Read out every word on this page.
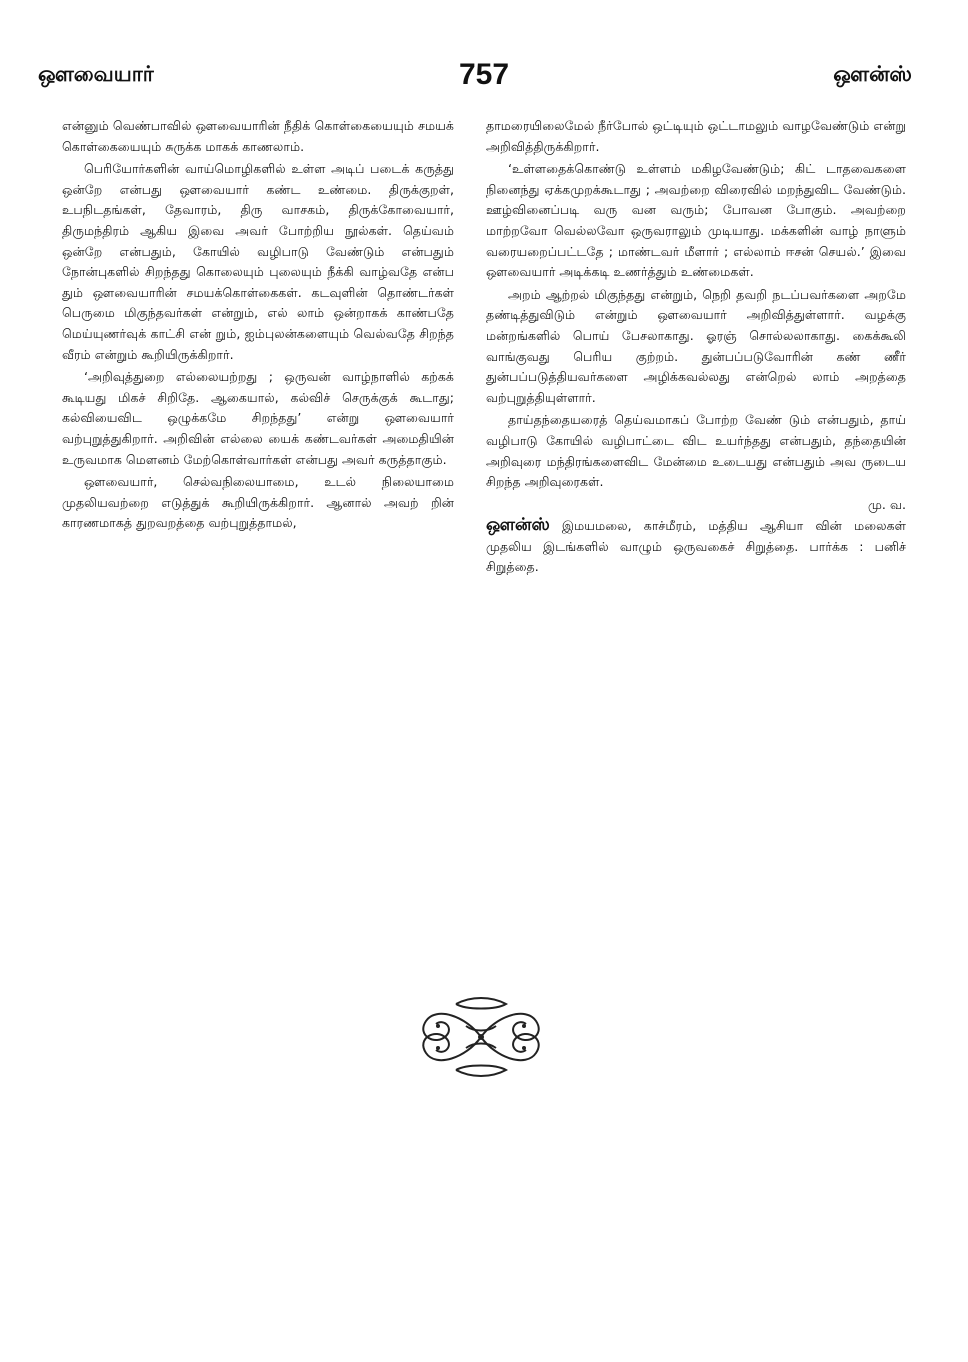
ஔவையார்	757	ஔன்ஸ்

என்னும் வெண்பாவில் ஔவையாரின் நீதிக் கொள்கையையும் சமயக் கொள்கையையும் சுருக்க மாகக் காணலாம்.

பெரியோர்களின் வாய்மொழிகளில் உள்ள அடிப் படைக் கருத்து ஒன்றே என்பது ஔவையார் கண்ட உண்மை. திருக்குறள், உபநிடதங்கள், தேவாரம், திரு வாசகம், திருக்கோவையார், திருமந்திரம் ஆகிய இவை அவர் போற்றிய நூல்கள். தெய்வம் ஒன்றே என்பதும், கோயில் வழிபாடு வேண்டும் என்பதும் நோன்புகளில் சிறந்தது கொலையும் புலையும் நீக்கி வாழ்வதே என்ப தும் ஔவையாரின் சமயக்கொள்கைகள். கடவுளின் தொண்டர்கள் பெருமை மிகுந்தவர்கள் என்றும், எல் லாம் ஒன்றாகக் காண்பதே மெய்யுணர்வுக் காட்சி என் றும், ஐம்புலன்களையும் வெல்வதே சிறந்த வீரம் என்றும் கூறியிருக்கிறார்.

‘அறிவுத்துறை எல்லையற்றது ; ஒருவன் வாழ்நாளில் கற்கக் கூடியது மிகச் சிறிதே. ஆகையால், கல்விச் செருக்குக் கூடாது; கல்வியைவிட ஒழுக்கமே சிறந்தது’ என்று ஔவையார் வற்புறுத்துகிறார். அறிவின் எல்லை யைக் கண்டவர்கள் அமைதியின் உருவமாக மௌனம் மேற்கொள்வார்கள் என்பது அவர் கருத்தாகும்.

ஔவையார், செல்வநிலையாமை, உடல் நிலையாமை முதலியவற்றை எடுத்துக் கூறியிருக்கிறார். ஆனால் அவற் றின் காரணமாகத் துறவறத்தை வற்புறுத்தாமல்,

தாமரையிலைமேல் நீர்போல் ஒட்டியும் ஒட்டாமலும் வாழவேண்டும் என்று அறிவித்திருக்கிறார்.

‘உள்ளதைக்கொண்டு உள்ளம் மகிழவேண்டும்; கிட் டாதவைகளை நினைந்து ஏக்கமுறக்கூடாது ; அவற்றை விரைவில் மறந்துவிட வேண்டும். ஊழ்வினைப்படி வரு வன வரும்; போவன போகும். அவற்றை மாற்றவோ வெல்லவோ ஒருவராலும் முடியாது. மக்களின் வாழ் நாளும் வரையறைப்பட்டதே ; மாண்டவர் மீளார் ; எல்லாம் ஈசன் செயல்.’ இவை ஔவையார் அடிக்கடி உணர்த்தும் உண்மைகள்.

அறம் ஆற்றல் மிகுந்தது என்றும், நெறி தவறி நடப்பவர்களை அறமே தண்டித்துவிடும் என்றும் ஔவையார் அறிவித்துள்ளார். வழக்கு மன்றங்களில் பொய் பேசலாகாது. ஓரஞ் சொல்லலாகாது. கைக்கூலி வாங்குவது பெரிய குற்றம். துன்பப்படுவோரின் கண் ணீர் துன்பப்படுத்தியவர்களை அழிக்கவல்லது என்றெல் லாம் அறத்தை வற்புறுத்தியுள்ளார்.

தாய்தந்தையரைத் தெய்வமாகப் போற்ற வேண் டும் என்பதும், தாய் வழிபாடு கோயில் வழிபாட்டை விட உயர்ந்தது என்பதும், தந்தையின் அறிவுரை மந்திரங்களைவிட மேன்மை உடையது என்பதும் அவ ருடைய சிறந்த அறிவுரைகள்.

மு. வ.

ஔன்ஸ் இமயமலை, காச்மீரம், மத்திய ஆசியா வின் மலைகள் முதலிய இடங்களில் வாழும் ஒருவகைச் சிறுத்தை. பார்க்க : பனிச் சிறுத்தை.
